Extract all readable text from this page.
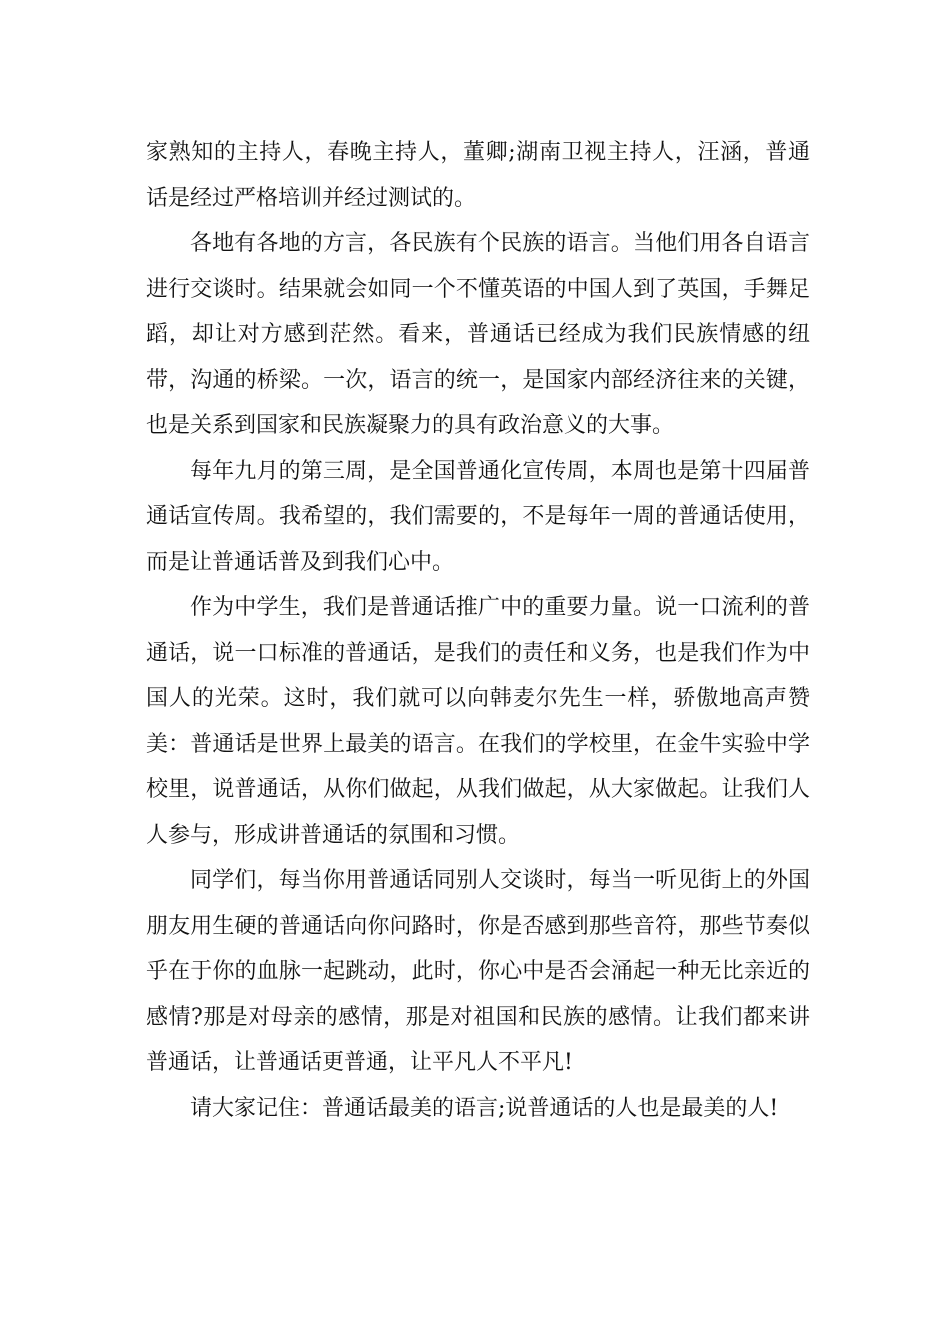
家熟知的主持人，春晚主持人，董卿;湖南卫视主持人，汪涵，普通话是经过严格培训并经过测试的。

各地有各地的方言，各民族有个民族的语言。当他们用各自语言进行交谈时。结果就会如同一个不懂英语的中国人到了英国，手舞足蹈，却让对方感到茫然。看来，普通话已经成为我们民族情感的纽带，沟通的桥梁。一次，语言的统一，是国家内部经济往来的关键，也是关系到国家和民族凝聚力的具有政治意义的大事。

每年九月的第三周，是全国普通化宣传周，本周也是第十四届普通话宣传周。我希望的，我们需要的，不是每年一周的普通话使用，而是让普通话普及到我们心中。

作为中学生，我们是普通话推广中的重要力量。说一口流利的普通话，说一口标准的普通话，是我们的责任和义务，也是我们作为中国人的光荣。这时，我们就可以向韩麦尔先生一样，骄傲地高声赞美：普通话是世界上最美的语言。在我们的学校里，在金牛实验中学校里，说普通话，从你们做起，从我们做起，从大家做起。让我们人人参与，形成讲普通话的氛围和习惯。

同学们，每当你用普通话同别人交谈时，每当一听见街上的外国朋友用生硬的普通话向你问路时，你是否感到那些音符，那些节奏似乎在于你的血脉一起跳动，此时，你心中是否会涌起一种无比亲近的感情?那是对母亲的感情，那是对祖国和民族的感情。让我们都来讲普通话，让普通话更普通，让平凡人不平凡!

请大家记住：普通话最美的语言;说普通话的人也是最美的人!
